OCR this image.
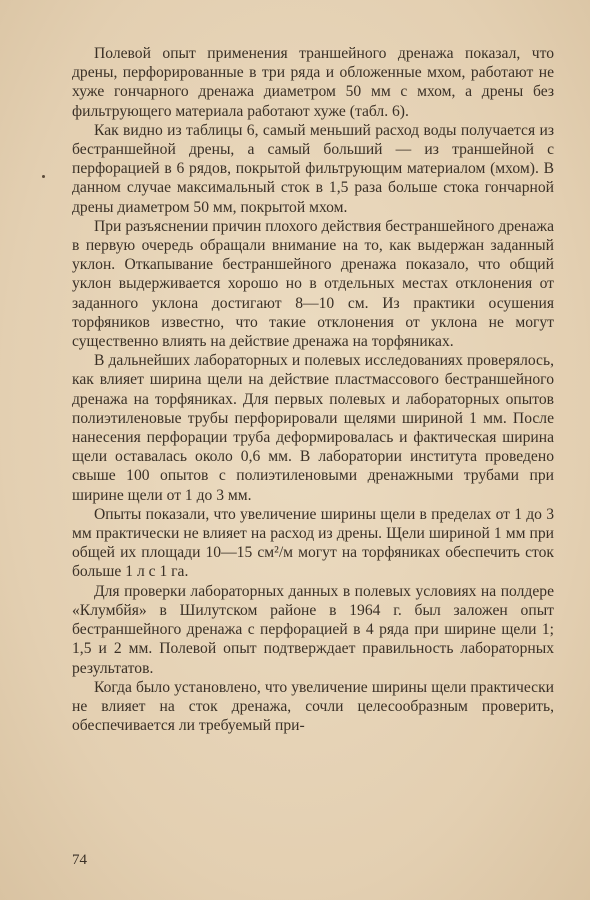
Полевой опыт применения траншейного дренажа показал, что дрены, перфорированные в три ряда и обложенные мхом, работают не хуже гончарного дренажа диаметром 50 мм с мхом, а дрены без фильтрующего материала работают хуже (табл. 6).

Как видно из таблицы 6, самый меньший расход воды получается из бестраншейной дрены, а самый больший — из траншейной с перфорацией в 6 рядов, покрытой фильтрующим материалом (мхом). В данном случае максимальный сток в 1,5 раза больше стока гончарной дрены диаметром 50 мм, покрытой мхом.

При разъяснении причин плохого действия бестраншейного дренажа в первую очередь обращали внимание на то, как выдержан заданный уклон. Откапывание бестраншейного дренажа показало, что общий уклон выдерживается хорошо но в отдельных местах отклонения от заданного уклона достигают 8—10 см. Из практики осушения торфяников известно, что такие отклонения от уклона не могут существенно влиять на действие дренажа на торфяниках.

В дальнейших лабораторных и полевых исследованиях проверялось, как влияет ширина щели на действие пластмассового бестраншейного дренажа на торфяниках. Для первых полевых и лабораторных опытов полиэтиленовые трубы перфорировали щелями шириной 1 мм. После нанесения перфорации труба деформировалась и фактическая ширина щели оставалась около 0,6 мм. В лаборатории института проведено свыше 100 опытов с полиэтиленовыми дренажными трубами при ширине щели от 1 до 3 мм.

Опыты показали, что увеличение ширины щели в пределах от 1 до 3 мм практически не влияет на расход из дрены. Щели шириной 1 мм при общей их площади 10—15 см²/м могут на торфяниках обеспечить сток больше 1 л с 1 га.

Для проверки лабораторных данных в полевых условиях на полдере «Клумбйя» в Шилутском районе в 1964 г. был заложен опыт бестраншейного дренажа с перфорацией в 4 ряда при ширине щели 1; 1,5 и 2 мм. Полевой опыт подтверждает правильность лабораторных результатов.

Когда было установлено, что увеличение ширины щели практически не влияет на сток дренажа, сочли целесообразным проверить, обеспечивается ли требуемый при-

74
